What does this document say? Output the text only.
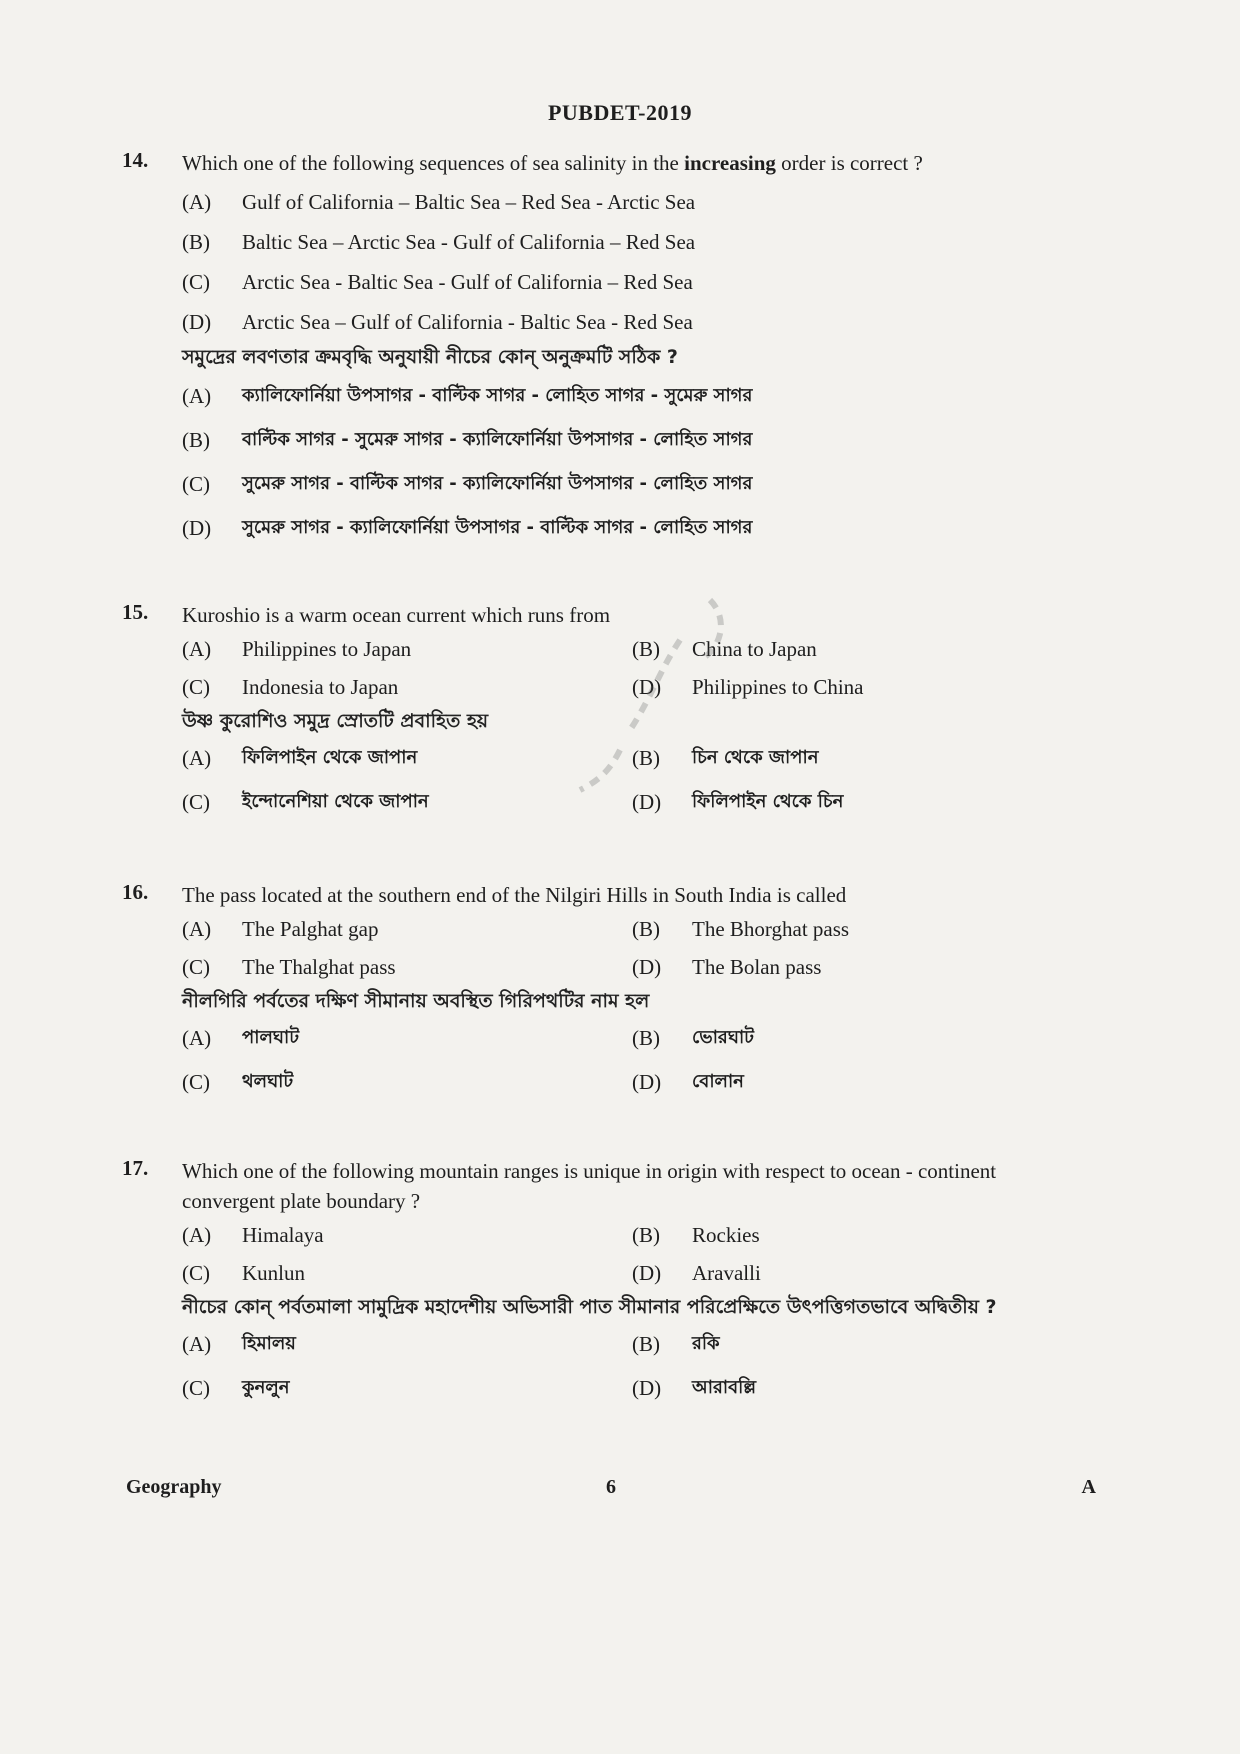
PUBDET-2019
14. Which one of the following sequences of sea salinity in the increasing order is correct ?
(A)	Gulf of California – Baltic Sea – Red Sea - Arctic Sea
(B)	Baltic Sea – Arctic Sea - Gulf of California – Red Sea
(C)	Arctic Sea - Baltic Sea - Gulf of California – Red Sea
(D)	Arctic Sea – Gulf of California - Baltic Sea - Red Sea
সমুদ্রের লবণতার ক্রমবৃদ্ধি অনুযায়ী নীচের কোন্ অনুক্রমটি সঠিক ?
(A)	ক্যালিফোর্নিয়া উপসাগর - বাল্টিক সাগর - লোহিত সাগর - সুমেরু সাগর
(B)	বাল্টিক সাগর - সুমেরু সাগর - ক্যালিফোর্নিয়া উপসাগর - লোহিত সাগর
(C)	সুমেরু সাগর - বাল্টিক সাগর - ক্যালিফোর্নিয়া উপসাগর - লোহিত সাগর
(D)	সুমেরু সাগর - ক্যালিফোর্নিয়া উপসাগর - বাল্টিক সাগর - লোহিত সাগর
15. Kuroshio is a warm ocean current which runs from
(A)	Philippines to Japan	(B)	China to Japan
(C)	Indonesia to Japan	(D)	Philippines to China
উষ্ণ কুরোশিও সমুদ্র স্রোতটি প্রবাহিত হয়
(A)	ফিলিপাইন থেকে জাপান	(B)	চিন থেকে জাপান
(C)	ইন্দোনেশিয়া থেকে জাপান	(D)	ফিলিপাইন থেকে চিন
16. The pass located at the southern end of the Nilgiri Hills in South India is called
(A)	The Palghat gap	(B)	The Bhorghat pass
(C)	The Thalghat pass	(D)	The Bolan pass
নীলগিরি পর্বতের দক্ষিণ সীমানায় অবস্থিত গিরিপথটির নাম হল
(A)	পালঘাট	(B)	ভোরঘাট
(C)	থলঘাট	(D)	বোলান
17. Which one of the following mountain ranges is unique in origin with respect to ocean - continent convergent plate boundary ?
(A)	Himalaya	(B)	Rockies
(C)	Kunlun	(D)	Aravalli
নীচের কোন্ পর্বতমালা সামুদ্রিক মহাদেশীয় অভিসারী পাত সীমানার পরিপ্রেক্ষিতে উৎপত্তিগতভাবে অদ্বিতীয় ?
(A)	হিমালয়	(B)	রকি
(C)	কুনলুন	(D)	আরাবল্লি
Geography	6	A
